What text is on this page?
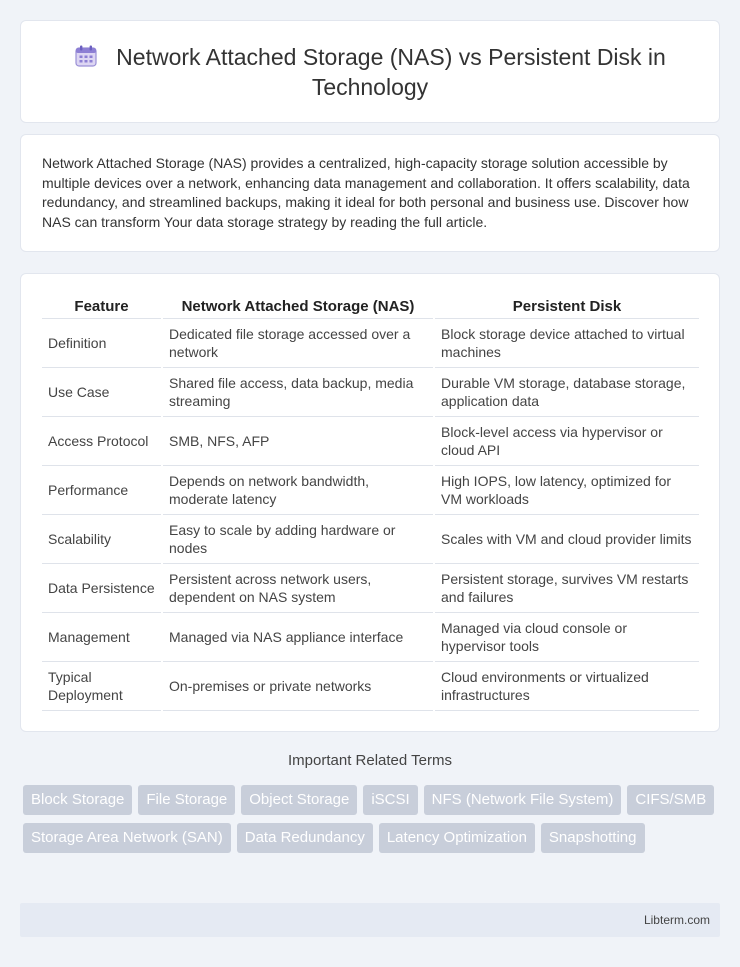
Network Attached Storage (NAS) vs Persistent Disk in Technology

Network Attached Storage (NAS) provides a centralized, high-capacity storage solution accessible by multiple devices over a network, enhancing data management and collaboration. It offers scalability, data redundancy, and streamlined backups, making it ideal for both personal and business use. Discover how NAS can transform Your data storage strategy by reading the full article.

Feature	Network Attached Storage (NAS)	Persistent Disk
Definition	Dedicated file storage accessed over a network	Block storage device attached to virtual machines
Use Case	Shared file access, data backup, media streaming	Durable VM storage, database storage, application data
Access Protocol	SMB, NFS, AFP	Block-level access via hypervisor or cloud API
Performance	Depends on network bandwidth, moderate latency	High IOPS, low latency, optimized for VM workloads
Scalability	Easy to scale by adding hardware or nodes	Scales with VM and cloud provider limits
Data Persistence	Persistent across network users, dependent on NAS system	Persistent storage, survives VM restarts and failures
Management	Managed via NAS appliance interface	Managed via cloud console or hypervisor tools
Typical Deployment	On-premises or private networks	Cloud environments or virtualized infrastructures
Important Related Terms
Block Storage	File Storage	Object Storage	iSCSI	NFS (Network File System)	CIFS/SMB
Storage Area Network (SAN)	Data Redundancy	Latency Optimization	Snapshotting
Libterm.com
